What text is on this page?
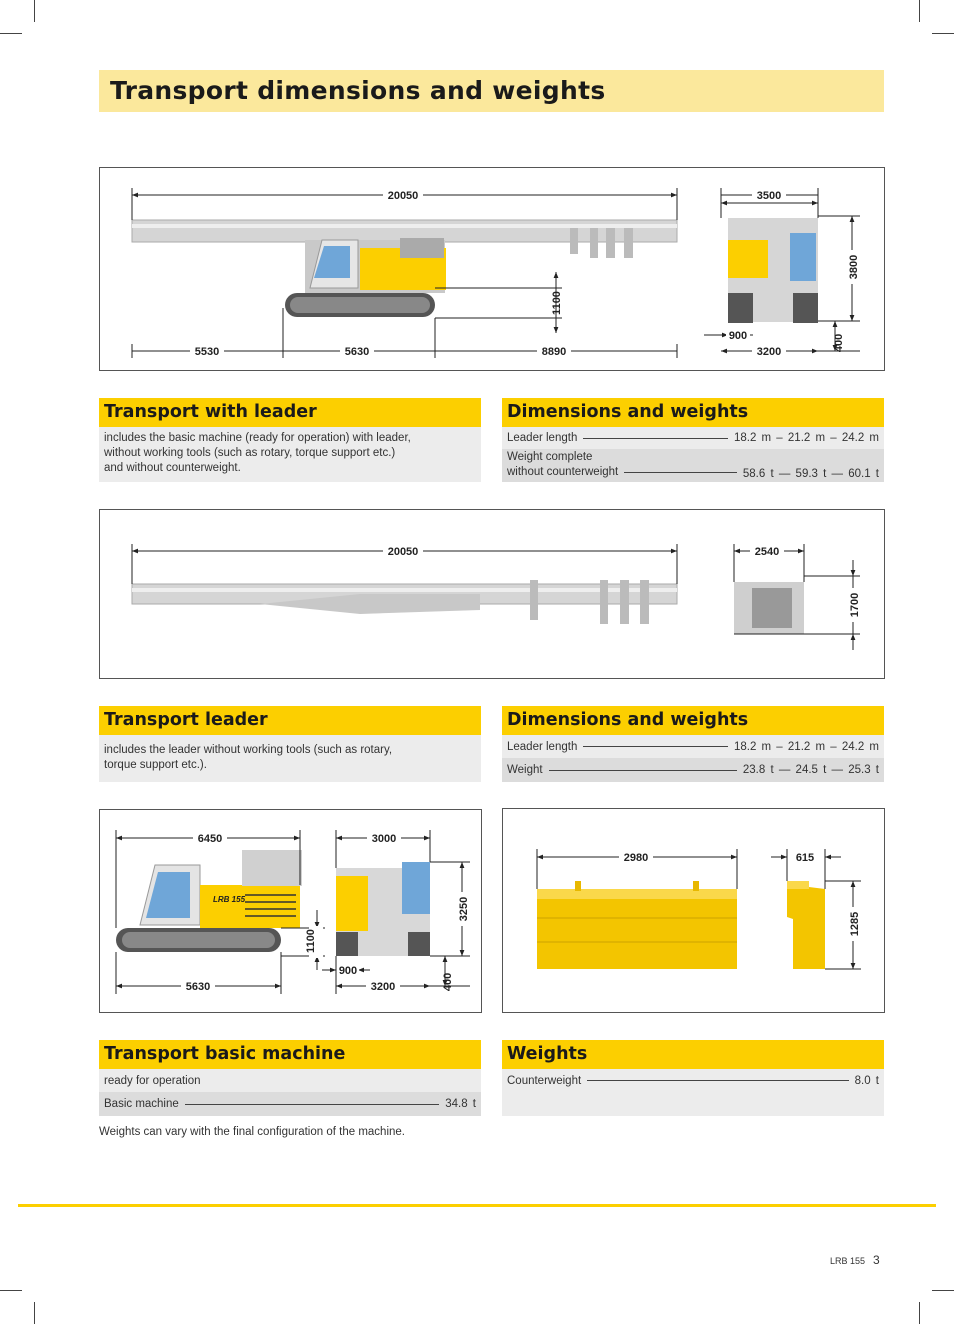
Transport dimensions and weights
20050
1100
5530	5630	8890
3500
3800
400
3200
900
Transport with leader
includes the basic machine (ready for operation) with leader,
without working tools (such as rotary, torque support etc.)
and without counterweight.
Dimensions and weights
Leader length	18.2 m – 21.2 m – 24.2 m
Weight complete
without counterweight	58.6 t — 59.3 t — 60.1 t
20050	2540
1700
Transport leader
includes the leader without working tools (such as rotary,
torque support etc.).
Dimensions and weights
Leader length	18.2 m – 21.2 m – 24.2 m
Weight	23.8 t — 24.5 t — 25.3 t
LRB 155
6450
5630
1100
3000
3250
400
3200
900
2980	615
1285
Transport basic machine
ready for operation
Basic machine	34.8 t
Weights
Counterweight	8.0 t
Weights can vary with the final configuration of the machine.
LRB 155 3
